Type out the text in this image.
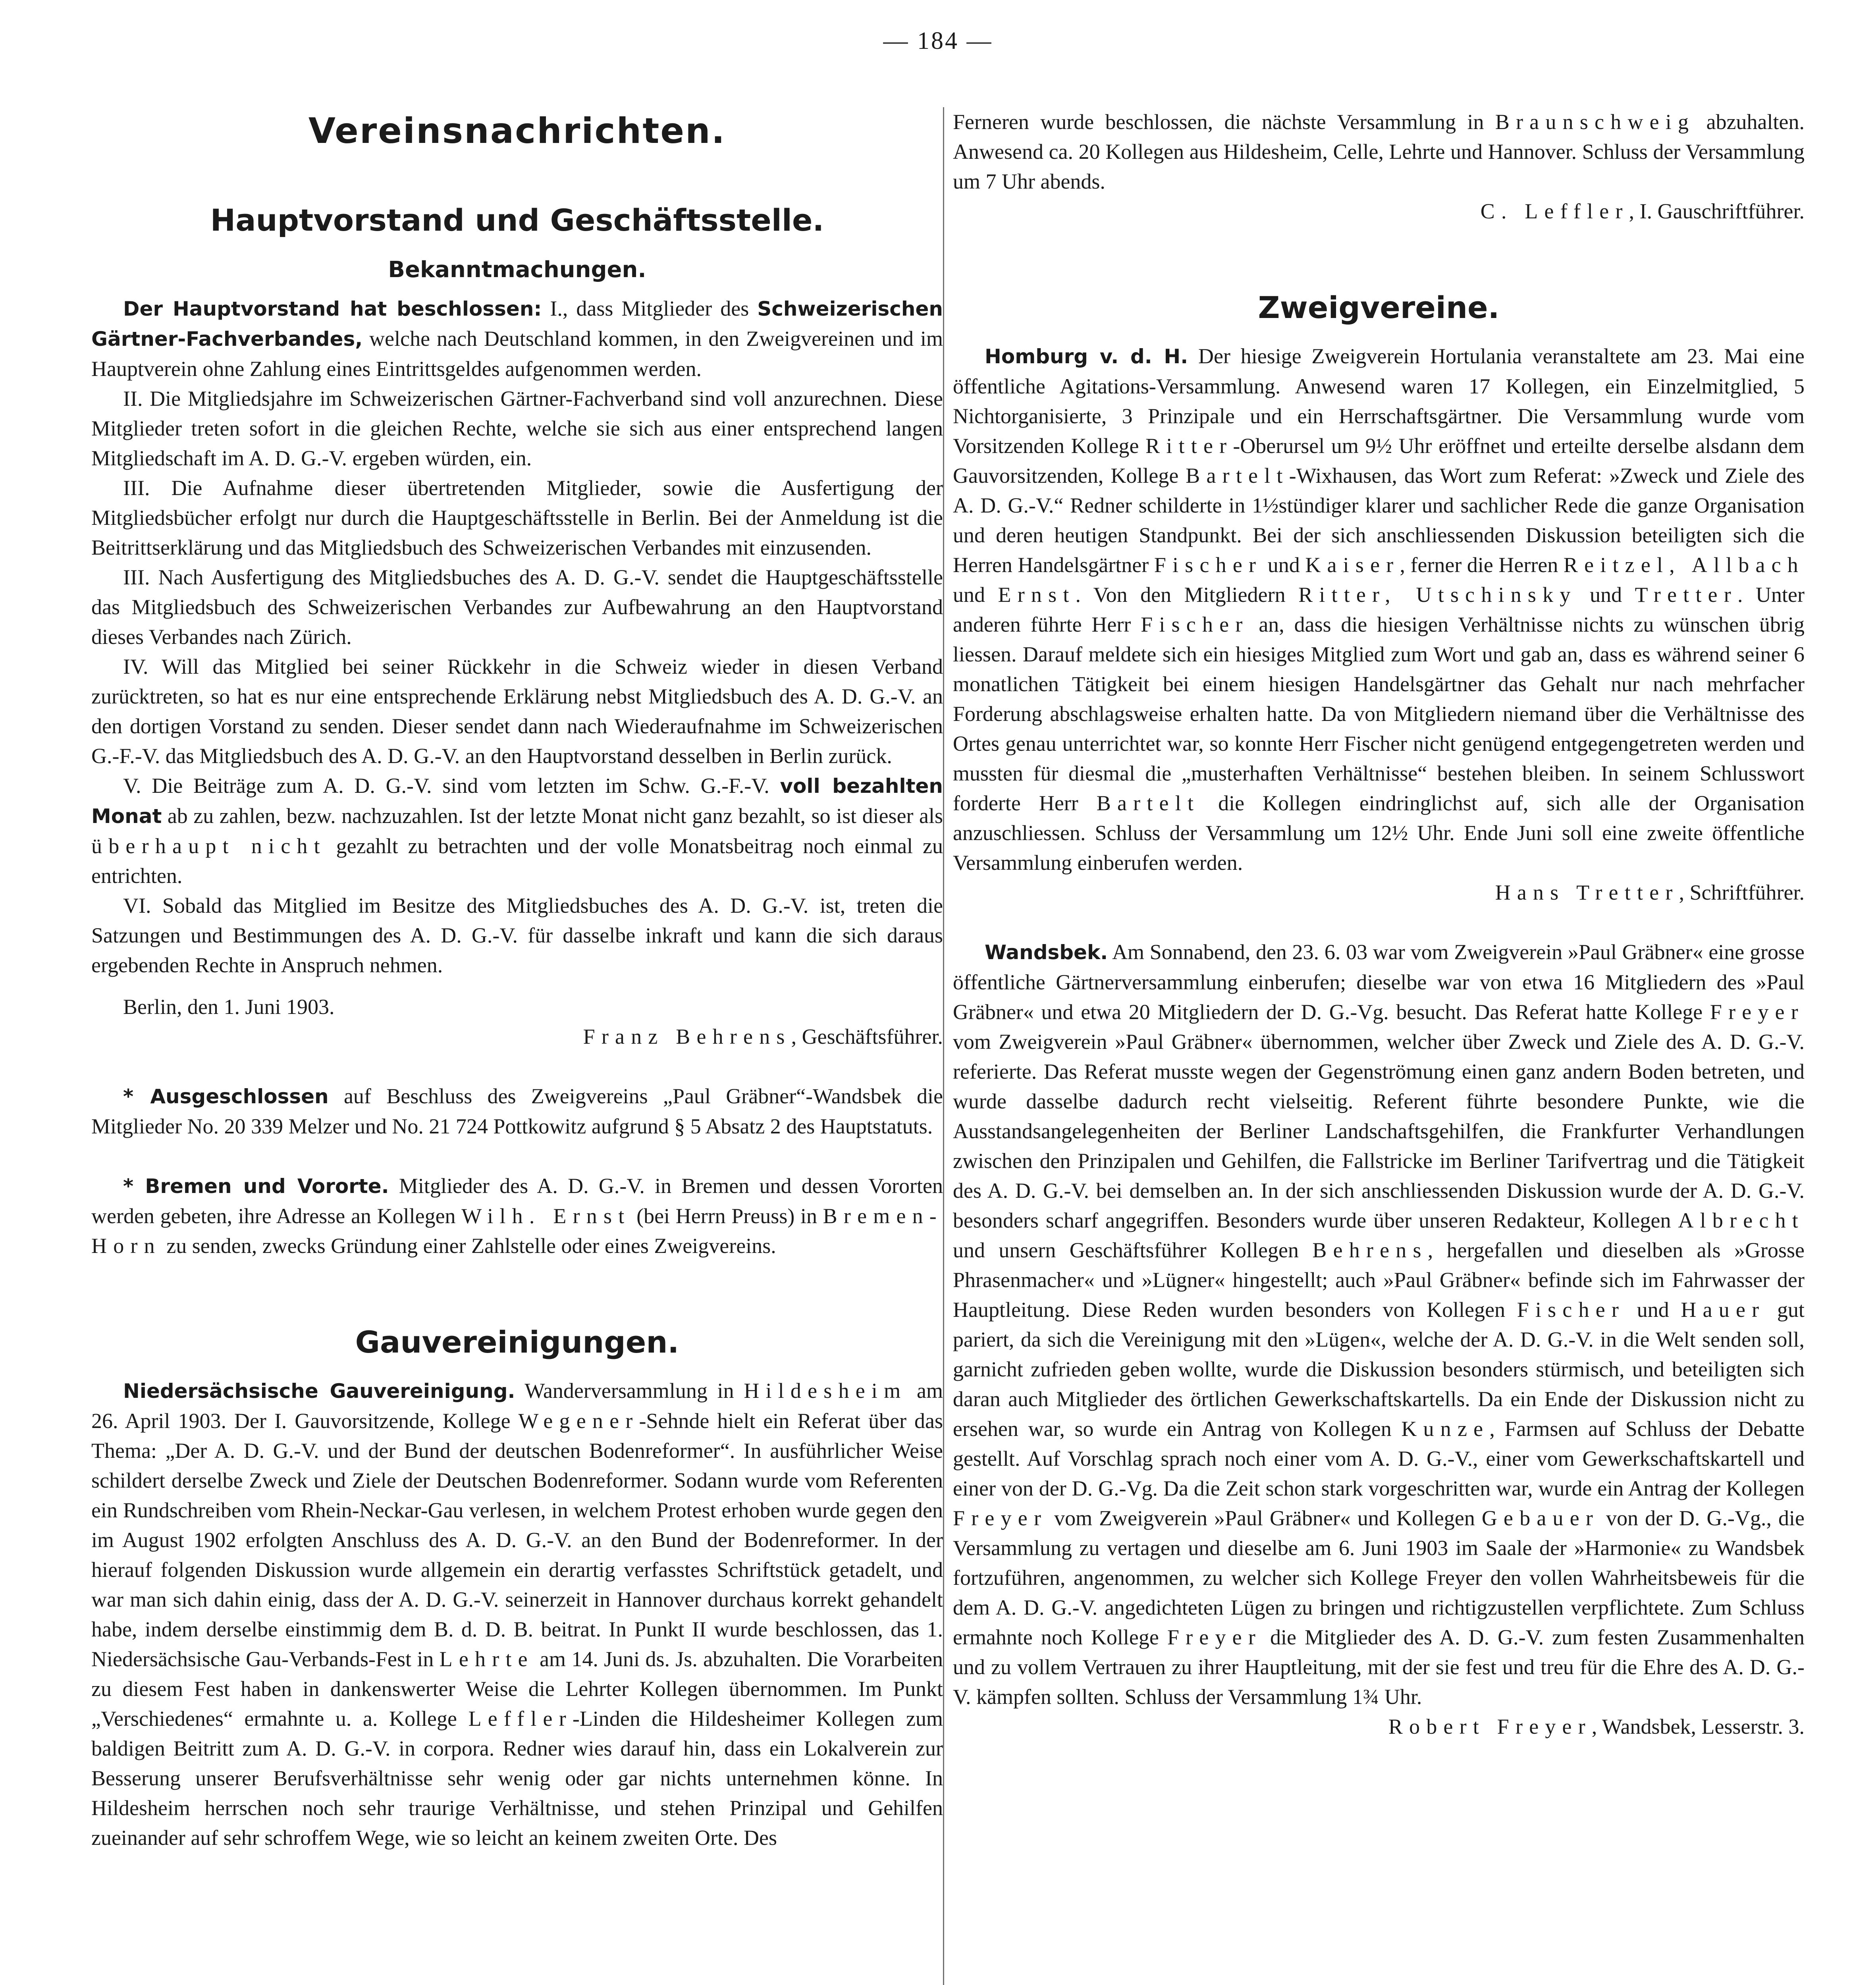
— 184 —
Vereinsnachrichten.
Hauptvorstand und Geschäftsstelle.
Bekanntmachungen.

Der Hauptvorstand hat beschlossen: I., dass Mitglieder des Schweizerischen Gärtner-Fachverbandes, welche nach Deutschland kommen, in den Zweigvereinen und im Hauptverein ohne Zahlung eines Eintrittsgeldes aufgenommen werden.

II. Die Mitgliedsjahre im Schweizerischen Gärtner-Fachverband sind voll anzurechnen. Diese Mitglieder treten sofort in die gleichen Rechte, welche sie sich aus einer entsprechend langen Mitgliedschaft im A. D. G.-V. ergeben würden, ein.

III. Die Aufnahme dieser übertretenden Mitglieder, sowie die Ausfertigung der Mitgliedsbücher erfolgt nur durch die Hauptgeschäftsstelle in Berlin. Bei der Anmeldung ist die Beitrittserklärung und das Mitgliedsbuch des Schweizerischen Verbandes mit einzusenden.

III. Nach Ausfertigung des Mitgliedsbuches des A. D. G.-V. sendet die Hauptgeschäftsstelle das Mitgliedsbuch des Schweizerischen Verbandes zur Aufbewahrung an den Hauptvorstand dieses Verbandes nach Zürich.

IV. Will das Mitglied bei seiner Rückkehr in die Schweiz wieder in diesen Verband zurücktreten, so hat es nur eine entsprechende Erklärung nebst Mitgliedsbuch des A. D. G.-V. an den dortigen Vorstand zu senden. Dieser sendet dann nach Wiederaufnahme im Schweizerischen G.-F.-V. das Mitgliedsbuch des A. D. G.-V. an den Hauptvorstand desselben in Berlin zurück.

V. Die Beiträge zum A. D. G.-V. sind vom letzten im Schw. G.-F.-V. voll bezahlten Monat ab zu zahlen, bezw. nachzuzahlen. Ist der letzte Monat nicht ganz bezahlt, so ist dieser als überhaupt nicht gezahlt zu betrachten und der volle Monatsbeitrag noch einmal zu entrichten.

VI. Sobald das Mitglied im Besitze des Mitgliedsbuches des A. D. G.-V. ist, treten die Satzungen und Bestimmungen des A. D. G.-V. für dasselbe inkraft und kann die sich daraus ergebenden Rechte in Anspruch nehmen.

Berlin, den 1. Juni 1903.

Franz Behrens, Geschäftsführer.

* Ausgeschlossen auf Beschluss des Zweigvereins „Paul Gräbner“-Wandsbek die Mitglieder No. 20 339 Melzer und No. 21 724 Pottkowitz aufgrund § 5 Absatz 2 des Hauptstatuts.

* Bremen und Vororte. Mitglieder des A. D. G.-V. in Bremen und dessen Vororten werden gebeten, ihre Adresse an Kollegen Wilh. Ernst (bei Herrn Preuss) in Bremen-Horn zu senden, zwecks Gründung einer Zahlstelle oder eines Zweigvereins.

Gauvereinigungen.

Niedersächsische Gauvereinigung. Wanderversammlung in Hildesheim am 26. April 1903. Der I. Gauvorsitzende, Kollege Wegener-Sehnde hielt ein Referat über das Thema: „Der A. D. G.-V. und der Bund der deutschen Bodenreformer“. In ausführlicher Weise schildert derselbe Zweck und Ziele der Deutschen Bodenreformer. Sodann wurde vom Referenten ein Rundschreiben vom Rhein-Neckar-Gau verlesen, in welchem Protest erhoben wurde gegen den im August 1902 erfolgten Anschluss des A. D. G.-V. an den Bund der Bodenreformer. In der hierauf folgenden Diskussion wurde allgemein ein derartig verfasstes Schriftstück getadelt, und war man sich dahin einig, dass der A. D. G.-V. seinerzeit in Hannover durchaus korrekt gehandelt habe, indem derselbe einstimmig dem B. d. D. B. beitrat. In Punkt II wurde beschlossen, das 1. Niedersächsische Gau-Verbands-Fest in Lehrte am 14. Juni ds. Js. abzuhalten. Die Vorarbeiten zu diesem Fest haben in dankenswerter Weise die Lehrter Kollegen übernommen. Im Punkt „Verschiedenes“ ermahnte u. a. Kollege Leffler-Linden die Hildesheimer Kollegen zum baldigen Beitritt zum A. D. G.-V. in corpora. Redner wies darauf hin, dass ein Lokalverein zur Besserung unserer Berufsverhältnisse sehr wenig oder gar nichts unternehmen könne. In Hildesheim herrschen noch sehr traurige Verhältnisse, und stehen Prinzipal und Gehilfen zueinander auf sehr schroffem Wege, wie so leicht an keinem zweiten Orte. Des

Ferneren wurde beschlossen, die nächste Versammlung in Braunschweig abzuhalten. Anwesend ca. 20 Kollegen aus Hildesheim, Celle, Lehrte und Hannover. Schluss der Versammlung um 7 Uhr abends.

C. Leffler, I. Gauschriftführer.

Zweigvereine.

Homburg v. d. H. Der hiesige Zweigverein Hortulania veranstaltete am 23. Mai eine öffentliche Agitations-Versammlung. Anwesend waren 17 Kollegen, ein Einzelmitglied, 5 Nichtorganisierte, 3 Prinzipale und ein Herrschaftsgärtner. Die Versammlung wurde vom Vorsitzenden Kollege Ritter-Oberursel um 9½ Uhr eröffnet und erteilte derselbe alsdann dem Gauvorsitzenden, Kollege Bartelt-Wixhausen, das Wort zum Referat: »Zweck und Ziele des A. D. G.-V.“ Redner schilderte in 1½stündiger klarer und sachlicher Rede die ganze Organisation und deren heutigen Standpunkt. Bei der sich anschliessenden Diskussion beteiligten sich die Herren Handelsgärtner Fischer und Kaiser, ferner die Herren Reitzel, Allbach und Ernst. Von den Mitgliedern Ritter, Utschinsky und Tretter. Unter anderen führte Herr Fischer an, dass die hiesigen Verhältnisse nichts zu wünschen übrig liessen. Darauf meldete sich ein hiesiges Mitglied zum Wort und gab an, dass es während seiner 6 monatlichen Tätigkeit bei einem hiesigen Handelsgärtner das Gehalt nur nach mehrfacher Forderung abschlagsweise erhalten hatte. Da von Mitgliedern niemand über die Verhältnisse des Ortes genau unterrichtet war, so konnte Herr Fischer nicht genügend entgegengetreten werden und mussten für diesmal die „musterhaften Verhältnisse“ bestehen bleiben. In seinem Schlusswort forderte Herr Bartelt die Kollegen eindringlichst auf, sich alle der Organisation anzuschliessen. Schluss der Versammlung um 12½ Uhr. Ende Juni soll eine zweite öffentliche Versammlung einberufen werden.

Hans Tretter, Schriftführer.

Wandsbek. Am Sonnabend, den 23. 6. 03 war vom Zweigverein »Paul Gräbner« eine grosse öffentliche Gärtnerversammlung einberufen; dieselbe war von etwa 16 Mitgliedern des »Paul Gräbner« und etwa 20 Mitgliedern der D. G.-Vg. besucht. Das Referat hatte Kollege Freyer vom Zweigverein »Paul Gräbner« übernommen, welcher über Zweck und Ziele des A. D. G.-V. referierte. Das Referat musste wegen der Gegenströmung einen ganz andern Boden betreten, und wurde dasselbe dadurch recht vielseitig. Referent führte besondere Punkte, wie die Ausstandsangelegenheiten der Berliner Landschaftsgehilfen, die Frankfurter Verhandlungen zwischen den Prinzipalen und Gehilfen, die Fallstricke im Berliner Tarifvertrag und die Tätigkeit des A. D. G.-V. bei demselben an. In der sich anschliessenden Diskussion wurde der A. D. G.-V. besonders scharf angegriffen. Besonders wurde über unseren Redakteur, Kollegen Albrecht und unsern Geschäftsführer Kollegen Behrens, hergefallen und dieselben als »Grosse Phrasenmacher« und »Lügner« hingestellt; auch »Paul Gräbner« befinde sich im Fahrwasser der Hauptleitung. Diese Reden wurden besonders von Kollegen Fischer und Hauer gut pariert, da sich die Vereinigung mit den »Lügen«, welche der A. D. G.-V. in die Welt senden soll, garnicht zufrieden geben wollte, wurde die Diskussion besonders stürmisch, und beteiligten sich daran auch Mitglieder des örtlichen Gewerkschaftskartells. Da ein Ende der Diskussion nicht zu ersehen war, so wurde ein Antrag von Kollegen Kunze, Farmsen auf Schluss der Debatte gestellt. Auf Vorschlag sprach noch einer vom A. D. G.-V., einer vom Gewerkschaftskartell und einer von der D. G.-Vg. Da die Zeit schon stark vorgeschritten war, wurde ein Antrag der Kollegen Freyer vom Zweigverein »Paul Gräbner« und Kollegen Gebauer von der D. G.-Vg., die Versammlung zu vertagen und dieselbe am 6. Juni 1903 im Saale der »Harmonie« zu Wandsbek fortzuführen, angenommen, zu welcher sich Kollege Freyer den vollen Wahrheitsbeweis für die dem A. D. G.-V. angedichteten Lügen zu bringen und richtigzustellen verpflichtete. Zum Schluss ermahnte noch Kollege Freyer die Mitglieder des A. D. G.-V. zum festen Zusammenhalten und zu vollem Vertrauen zu ihrer Hauptleitung, mit der sie fest und treu für die Ehre des A. D. G.-V. kämpfen sollten. Schluss der Versammlung 1¾ Uhr.

Robert Freyer, Wandsbek, Lesserstr. 3.
